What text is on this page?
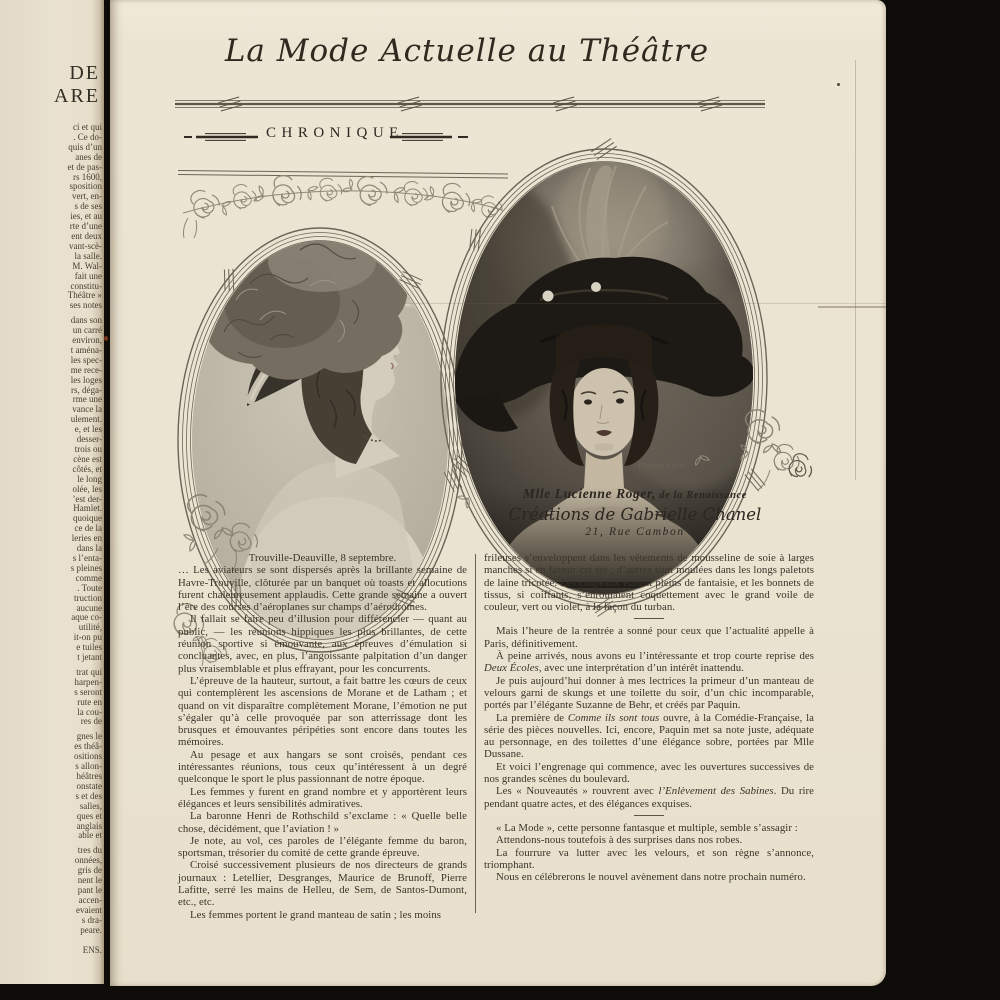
DE
ARE
ci et qui
. Ce do-
quis d’un
anes de
et de pas-
rs 1600,
sposition
vert, en-
s de ses
ies, et au
rte d’une
ent deux
vant-scè-
la salle.
M. Wal-
fait une
constitu-
Théâtre »
ses notes
dans son
un carré
environ,
t aména-
les spec-
me rece-
les loges
rs, déga-
rme une
vance la
ulement.
e, et les
desser-
trois ou
cène est
côtés, et
le long
olée, les
’est der-
Hamlet.
quoique
ce de la
leries en
dans la
s l’enta-
s pleines
comme
. Toute
truction
aucune
aque co-
utilité,
it-on pu
e tuiles
t jetant
trat qui
harpen-
s seront
rute en
la cou-
res de
gnes le
es théâ-
ositions
s allon-
héâtres
onstate
s et des
salles,
ques et
anglais
able et
tres du
onnées,
gris de
nent le
pant le
accen-
evaient
s dra-
peare.
ENS.
La Mode Actuelle au Théâtre
CHRONIQUE
Photos Félix
Mlle Lucienne Roger, de la Renaissance
Créations de Gabrielle Chanel
21, Rue Cambon

Trouville-Deauville, 8 septembre.

… Les aviateurs se sont dispersés après la brillante semaine de Havre-Trouville, clôturée par un banquet où toasts et allocutions furent chaleureusement applaudis. Cette grande semaine a ouvert l’ère des courses d’aéroplanes sur champs d’aérodromes.

Il fallait se faire peu d’illusion pour différencier — quant au public, — les réunions hippiques les plus brillantes, de cette réunion sportive si émouvante, aux épreuves d’émulation si concluantes, avec, en plus, l’angoissante palpitation d’un danger plus vraisemblable et plus effrayant, pour les concurrents.

L’épreuve de la hauteur, surtout, a fait battre les cœurs de ceux qui contemplèrent les ascensions de Morane et de Latham ; et quand on vit disparaître complètement Morane, l’émotion ne put s’égaler qu’à celle provoquée par son atterrissage dont les brusques et émouvantes péripéties sont encore dans toutes les mémoires.

Au pesage et aux hangars se sont croisés, pendant ces intéressantes réunions, tous ceux qu’intéressent à un degré quelconque le sport le plus passionnant de notre époque.

Les femmes y furent en grand nombre et y apportèrent leurs élégances et leurs sensibilités admiratives.

La baronne Henri de Rothschild s’exclame : « Quelle belle chose, décidément, que l’aviation ! »

Je note, au vol, ces paroles de l’élégante femme du baron, sportsman, trésorier du comité de cette grande épreuve.

Croisé successivement plusieurs de nos directeurs de grands journaux : Letellier, Desgranges, Maurice de Brunoff, Pierre Lafitte, serré les mains de Helleu, de Sem, de Santos-Dumont, etc., etc.

Les femmes portent le grand manteau de satin ; les moins

frileuses s’enveloppent dans les vêtements de mousseline de soie à larges manches si en faveur cet été ; d’autres sont moulées dans les longs paletots de laine tricotée. Les chapeaux étaient pleins de fantaisie, et les bonnets de tissus, si coiffants, s’enroulaient coquettement avec le grand voile de couleur, vert ou violet, à la façon du turban.

Mais l’heure de la rentrée a sonné pour ceux que l’actualité appelle à Paris, définitivement.

À peine arrivés, nous avons eu l’intéressante et trop courte reprise des Deux Écoles, avec une interprétation d’un intérêt inattendu.

Je puis aujourd’hui donner à mes lectrices la primeur d’un manteau de velours garni de skungs et une toilette du soir, d’un chic incomparable, portés par l’élégante Suzanne de Behr, et créés par Paquin.

La première de Comme ils sont tous ouvre, à la Comédie-Française, la série des pièces nouvelles. Ici, encore, Paquin met sa note juste, adéquate au personnage, en des toilettes d’une élégance sobre, portées par Mlle Dussane.

Et voici l’engrenage qui commence, avec les ouvertures successives de nos grandes scènes du boulevard.

Les « Nouveautés » rouvrent avec l’Enlèvement des Sabines. Du rire pendant quatre actes, et des élégances exquises.

« La Mode », cette personne fantasque et multiple, semble s’assagir :

Attendons-nous toutefois à des surprises dans nos robes.

La fourrure va lutter avec les velours, et son règne s’annonce, triomphant.

Nous en célébrerons le nouvel avènement dans notre prochain numéro.
